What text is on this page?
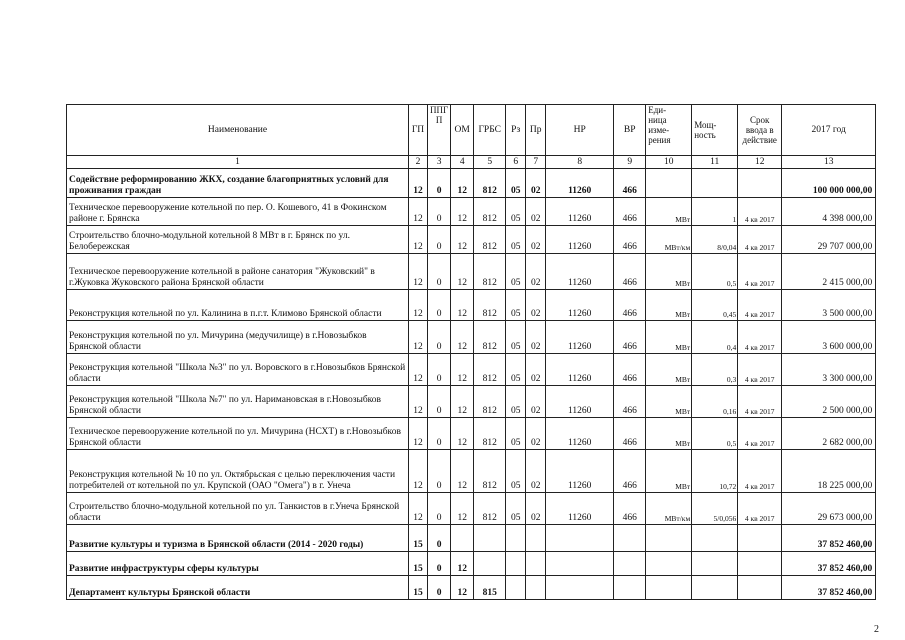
Наименование	ГП	ППГ
П	ОМ	ГРБС	Рз	Пр	НР	ВР	Еди-
ница изме-
рения	Мощ-
ность	Срок
ввода в
действие	2017 год
1	2	3	4	5	6	7	8	9	10	11	12	13
Содействие реформированию ЖКХ, создание благоприятных условий для проживания граждан	12	0	12	812	05	02	11260	466				100 000 000,00
Техническое перевооружение котельной по пер. О. Кошевого, 41 в Фокинском районе г. Брянска	12	0	12	812	05	02	11260	466	МВт	1	4 кв 2017	4 398 000,00
Строительство блочно-модульной котельной 8 МВт в г. Брянск по ул. Белобережская	12	0	12	812	05	02	11260	466	МВт/км	8/0,04	4 кв 2017	29 707 000,00
Техническое перевооружение котельной в районе санатория "Жуковский" в г.Жуковка Жуковского района Брянской области	12	0	12	812	05	02	11260	466	МВт	0,5	4 кв 2017	2 415 000,00
Реконструкция котельной по ул. Калинина в п.г.т. Климово Брянской области	12	0	12	812	05	02	11260	466	МВт	0,45	4 кв 2017	3 500 000,00
Реконструкция котельной по ул. Мичурина (медучилище) в г.Новозыбков Брянской области	12	0	12	812	05	02	11260	466	МВт	0,4	4 кв 2017	3 600 000,00
Реконструкция котельной "Школа №3" по ул. Воровского в г.Новозыбков Брянской области	12	0	12	812	05	02	11260	466	МВт	0,3	4 кв 2017	3 300 000,00
Реконструкция котельной "Школа №7" по ул. Наримановская в г.Новозыбков Брянской области	12	0	12	812	05	02	11260	466	МВт	0,16	4 кв 2017	2 500 000,00
Техническое перевооружение котельной по ул. Мичурина (НСХТ) в г.Новозыбков Брянской области	12	0	12	812	05	02	11260	466	МВт	0,5	4 кв 2017	2 682 000,00
Реконструкция котельной № 10 по ул. Октябрьская с целью переключения части потребителей от котельной по ул. Крупской (ОАО "Омега") в г. Унеча	12	0	12	812	05	02	11260	466	МВт	10,72	4 кв 2017	18 225 000,00
Строительство блочно-модульной котельной по ул. Танкистов в г.Унеча Брянской области	12	0	12	812	05	02	11260	466	МВт/км	5/0,056	4 кв 2017	29 673 000,00
Развитие культуры и туризма в Брянской области (2014 - 2020 годы)	15	0										37 852 460,00
Развитие инфраструктуры сферы культуры	15	0	12									37 852 460,00
Департамент культуры Брянской области	15	0	12	815								37 852 460,00
2
